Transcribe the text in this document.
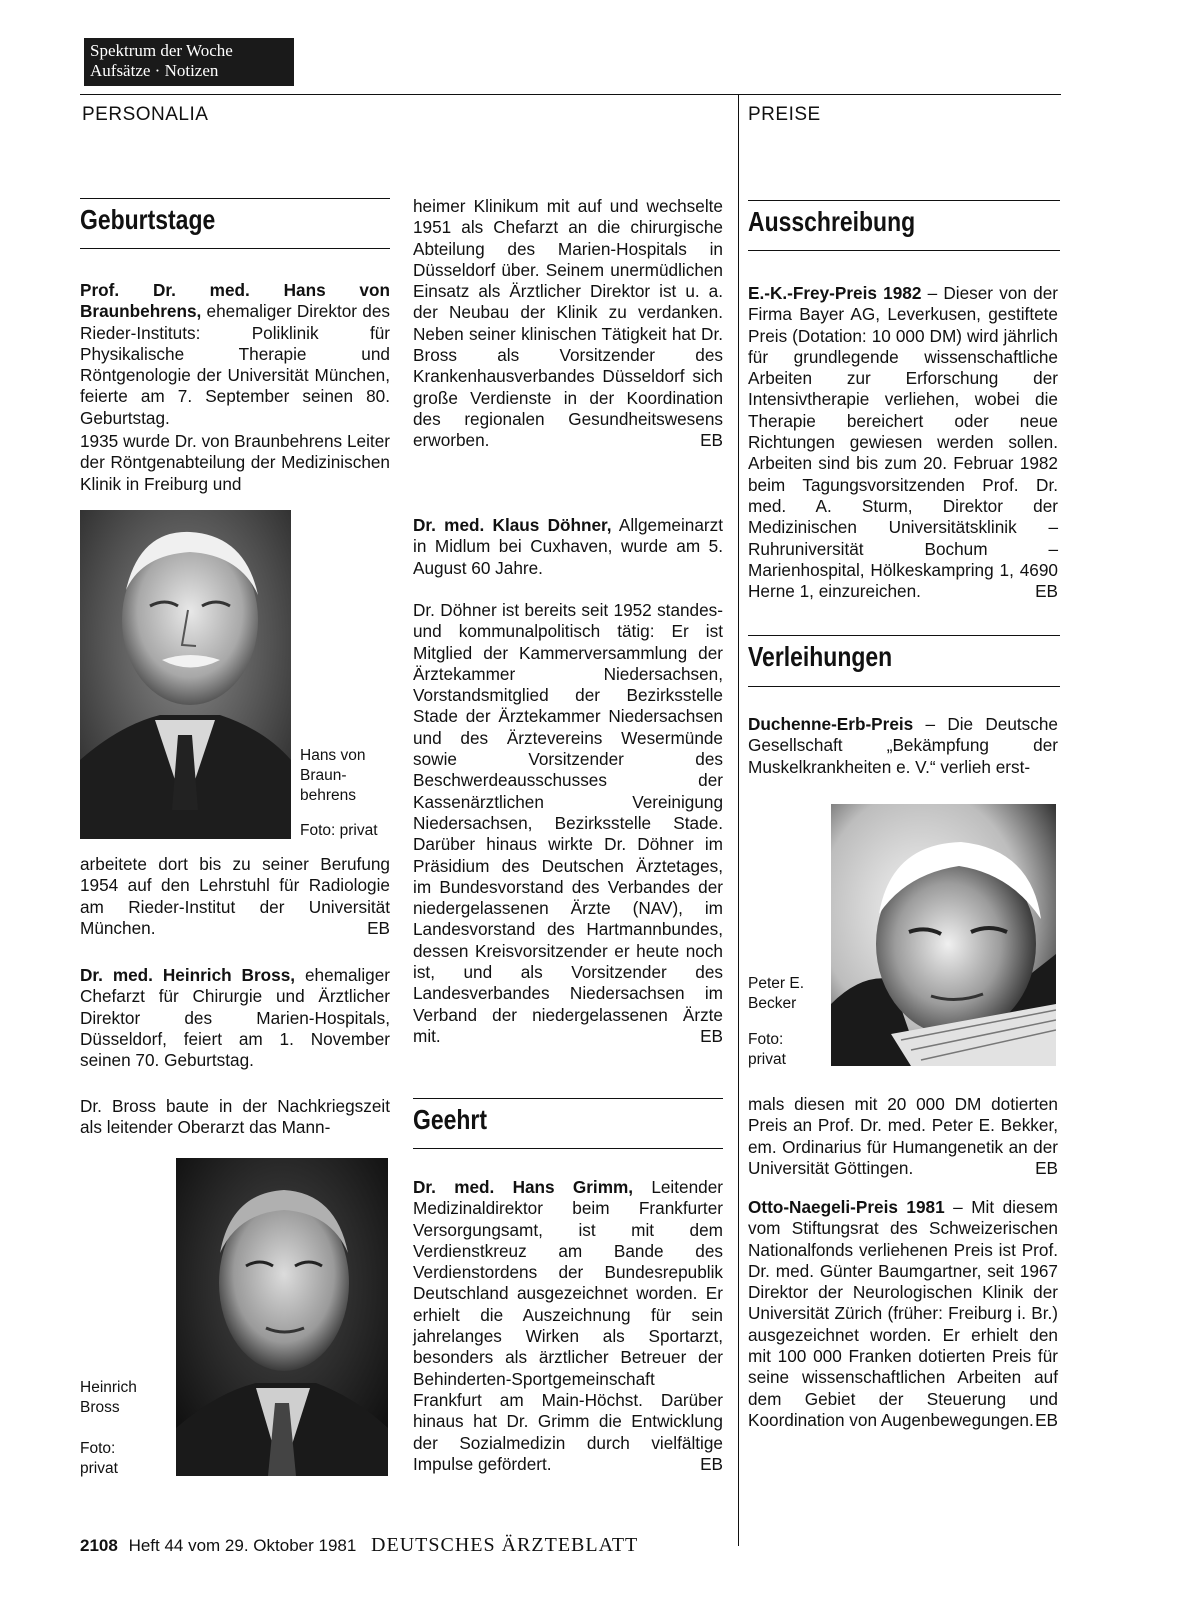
Spektrum der Woche
Aufsätze · Notizen
PERSONALIA	PREISE
Geburtstage

Prof. Dr. med. Hans von Braunbehrens, ehemaliger Direktor des Rieder-Instituts: Poliklinik für Physikalische Therapie und Röntgenologie der Universität München, feierte am 7. September seinen 80. Geburtstag.

1935 wurde Dr. von Braunbehrens Leiter der Röntgenabteilung der Medizinischen Klinik in Freiburg und

Hans von Braun-behrens
Foto: privat

arbeitete dort bis zu seiner Berufung 1954 auf den Lehrstuhl für Radiologie am Rieder-Institut der Universität München.	EB

Dr. med. Heinrich Bross, ehemaliger Chefarzt für Chirurgie und Ärztlicher Direktor des Marien-Hospitals, Düsseldorf, feiert am 1. November seinen 70. Geburtstag.

Dr. Bross baute in der Nachkriegszeit als leitender Oberarzt das Mann-

Heinrich Bross
Foto: privat

heimer Klinikum mit auf und wechselte 1951 als Chefarzt an die chirurgische Abteilung des Marien-Hospitals in Düsseldorf über. Seinem unermüdlichen Einsatz als Ärztlicher Direktor ist u. a. der Neubau der Klinik zu verdanken. Neben seiner klinischen Tätigkeit hat Dr. Bross als Vorsitzender des Krankenhausverbandes Düsseldorf sich große Verdienste in der Koordination des regionalen Gesundheitswesens erworben.	EB

Dr. med. Klaus Döhner, Allgemeinarzt in Midlum bei Cuxhaven, wurde am 5. August 60 Jahre.

Dr. Döhner ist bereits seit 1952 standes- und kommunalpolitisch tätig: Er ist Mitglied der Kammerversammlung der Ärztekammer Niedersachsen, Vorstandsmitglied der Bezirksstelle Stade der Ärztekammer Niedersachsen und des Ärztevereins Wesermünde sowie Vorsitzender des Beschwerdeausschusses der Kassenärztlichen Vereinigung Niedersachsen, Bezirksstelle Stade. Darüber hinaus wirkte Dr. Döhner im Präsidium des Deutschen Ärztetages, im Bundesvorstand des Verbandes der niedergelassenen Ärzte (NAV), im Landesvorstand des Hartmannbundes, dessen Kreisvorsitzender er heute noch ist, und als Vorsitzender des Landesverbandes Niedersachsen im Verband der niedergelassenen Ärzte mit.	EB

Geehrt

Dr. med. Hans Grimm, Leitender Medizinaldirektor beim Frankfurter Versorgungsamt, ist mit dem Verdienstkreuz am Bande des Verdienstordens der Bundesrepublik Deutschland ausgezeichnet worden. Er erhielt die Auszeichnung für sein jahrelanges Wirken als Sportarzt, besonders als ärztlicher Betreuer der Behinderten-Sportgemeinschaft Frankfurt am Main-Höchst. Darüber hinaus hat Dr. Grimm die Entwicklung der Sozialmedizin durch vielfältige Impulse gefördert.	EB

Ausschreibung

E.-K.-Frey-Preis 1982 – Dieser von der Firma Bayer AG, Leverkusen, gestiftete Preis (Dotation: 10 000 DM) wird jährlich für grundlegende wissenschaftliche Arbeiten zur Erforschung der Intensivtherapie verliehen, wobei die Therapie bereichert oder neue Richtungen gewiesen werden sollen. Arbeiten sind bis zum 20. Februar 1982 beim Tagungsvorsitzenden Prof. Dr. med. A. Sturm, Direktor der Medizinischen Universitätsklinik – Ruhruniversität Bochum – Marienhospital, Hölkeskampring 1, 4690 Herne 1, einzureichen.	EB

Verleihungen

Duchenne-Erb-Preis – Die Deutsche Gesellschaft „Bekämpfung der Muskelkrankheiten e. V.“ verlieh erst-

Peter E. Becker
Foto: privat

mals diesen mit 20 000 DM dotierten Preis an Prof. Dr. med. Peter E. Bekker, em. Ordinarius für Humangenetik an der Universität Göttingen.	EB

Otto-Naegeli-Preis 1981 – Mit diesem vom Stiftungsrat des Schweizerischen Nationalfonds verliehenen Preis ist Prof. Dr. med. Günter Baumgartner, seit 1967 Direktor der Neurologischen Klinik der Universität Zürich (früher: Freiburg i. Br.) ausgezeichnet worden. Er erhielt den mit 100 000 Franken dotierten Preis für seine wissenschaftlichen Arbeiten auf dem Gebiet der Steuerung und Koordination von Augenbewegungen. EB

2108 Heft 44 vom 29. Oktober 1981 DEUTSCHES ÄRZTEBLATT
